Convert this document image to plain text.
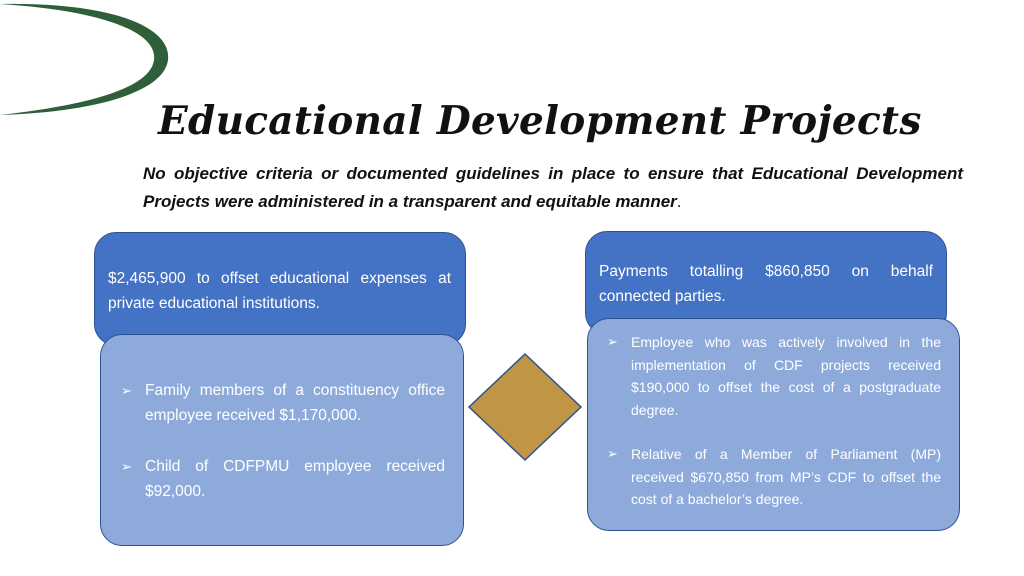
Educational Development Projects
No objective criteria or documented guidelines in place to ensure that Educational Development Projects were administered in a transparent and equitable manner.
$2,465,900 to offset educational expenses at private educational institutions.
➢ Family members of a constituency office employee received $1,170,000.
➢ Child of CDFPMU employee received $92,000.
Payments totalling $860,850 on behalf connected parties.
➢ Employee who was actively involved in the implementation of CDF projects received $190,000 to offset the cost of a postgraduate degree.
➢ Relative of a Member of Parliament (MP) received $670,850 from MP’s CDF to offset the cost of a bachelor’s degree.
